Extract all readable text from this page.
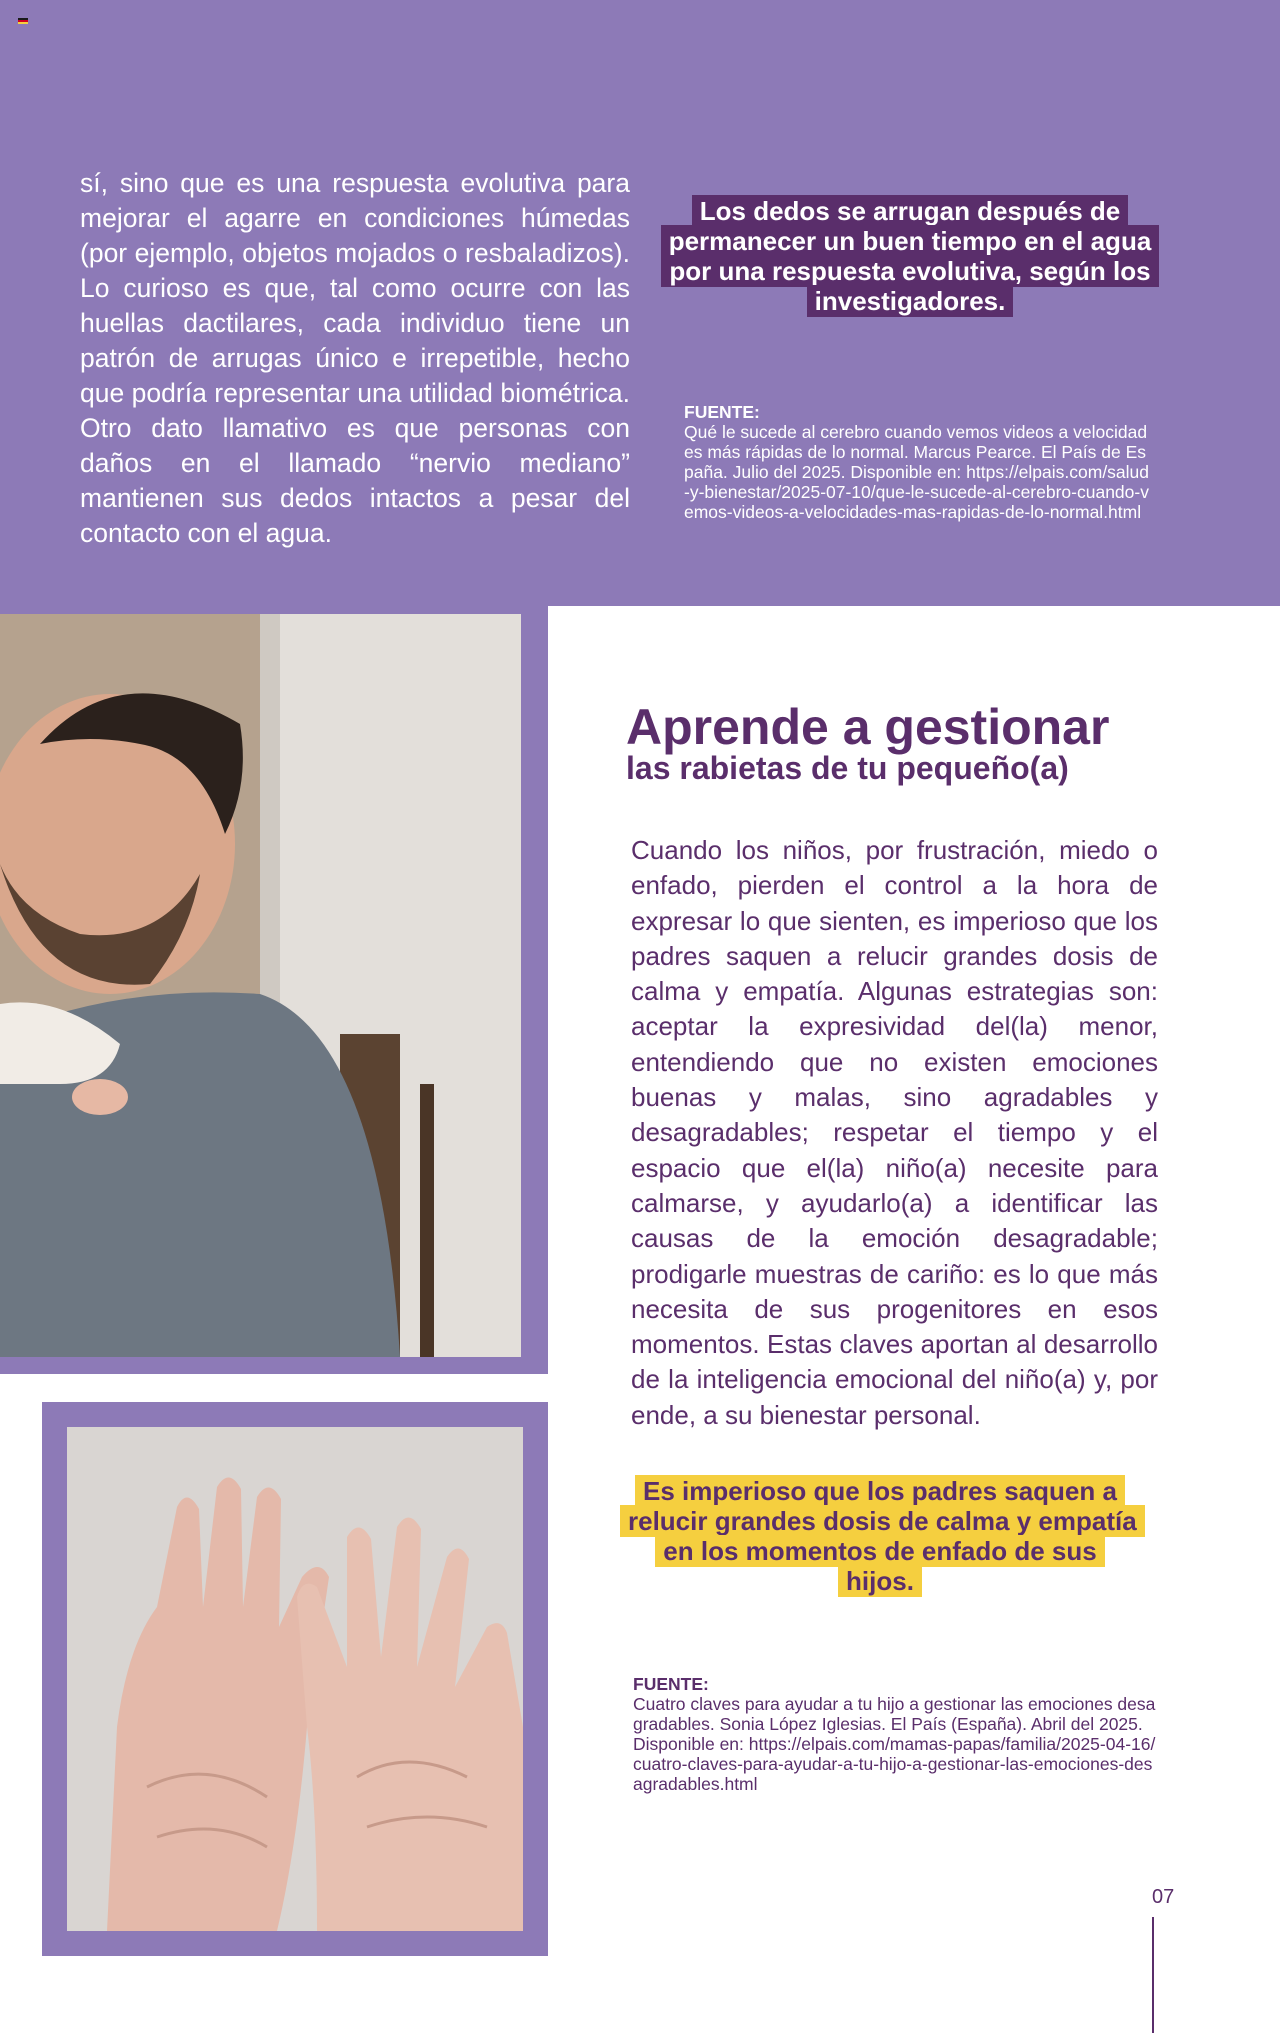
sí, sino que es una respuesta evolutiva para mejorar el agarre en condiciones húmedas (por ejemplo, objetos mojados o resbaladizos). Lo curioso es que, tal como ocurre con las huellas dactilares, cada individuo tiene un patrón de arrugas único e irrepetible, hecho que podría representar una utilidad biométrica. Otro dato llamativo es que personas con daños en el llamado “nervio mediano” mantienen sus dedos intactos a pesar del contacto con el agua.

Los dedos se arrugan después de permanecer un buen tiempo en el agua por una respuesta evolutiva, según los investigadores.
FUENTE:
Qué le sucede al cerebro cuando vemos videos a velocidades más rápidas de lo normal. Marcus Pearce. El País de España. Julio del 2025. Disponible en: https://elpais.com/salud-y-bienestar/2025-07-10/que-le-sucede-al-cerebro-cuando-vemos-videos-a-velocidades-mas-rapidas-de-lo-normal.html
Aprende a gestionar
las rabietas de tu pequeño(a)

Cuando los niños, por frustración, miedo o enfado, pierden el control a la hora de expresar lo que sienten, es imperioso que los padres saquen a relucir grandes dosis de calma y empatía. Algunas estrategias son: aceptar la expresividad del(la) menor, entendiendo que no existen emociones buenas y malas, sino agradables y desagradables; respetar el tiempo y el espacio que el(la) niño(a) necesite para calmarse, y ayudarlo(a) a identificar las causas de la emoción desagradable; prodigarle muestras de cariño: es lo que más necesita de sus progenitores en esos momentos. Estas claves aportan al desarrollo de la inteligencia emocional del niño(a) y, por ende, a su bienestar personal.

Es imperioso que los padres saquen a relucir grandes dosis de calma y empatía en los momentos de enfado de sus hijos.
FUENTE:
Cuatro claves para ayudar a tu hijo a gestionar las emociones desagradables. Sonia López Iglesias. El País (España). Abril del 2025. Disponible en: https://elpais.com/mamas-papas/familia/2025-04-16/cuatro-claves-para-ayudar-a-tu-hijo-a-gestionar-las-emociones-desagradables.html
07
